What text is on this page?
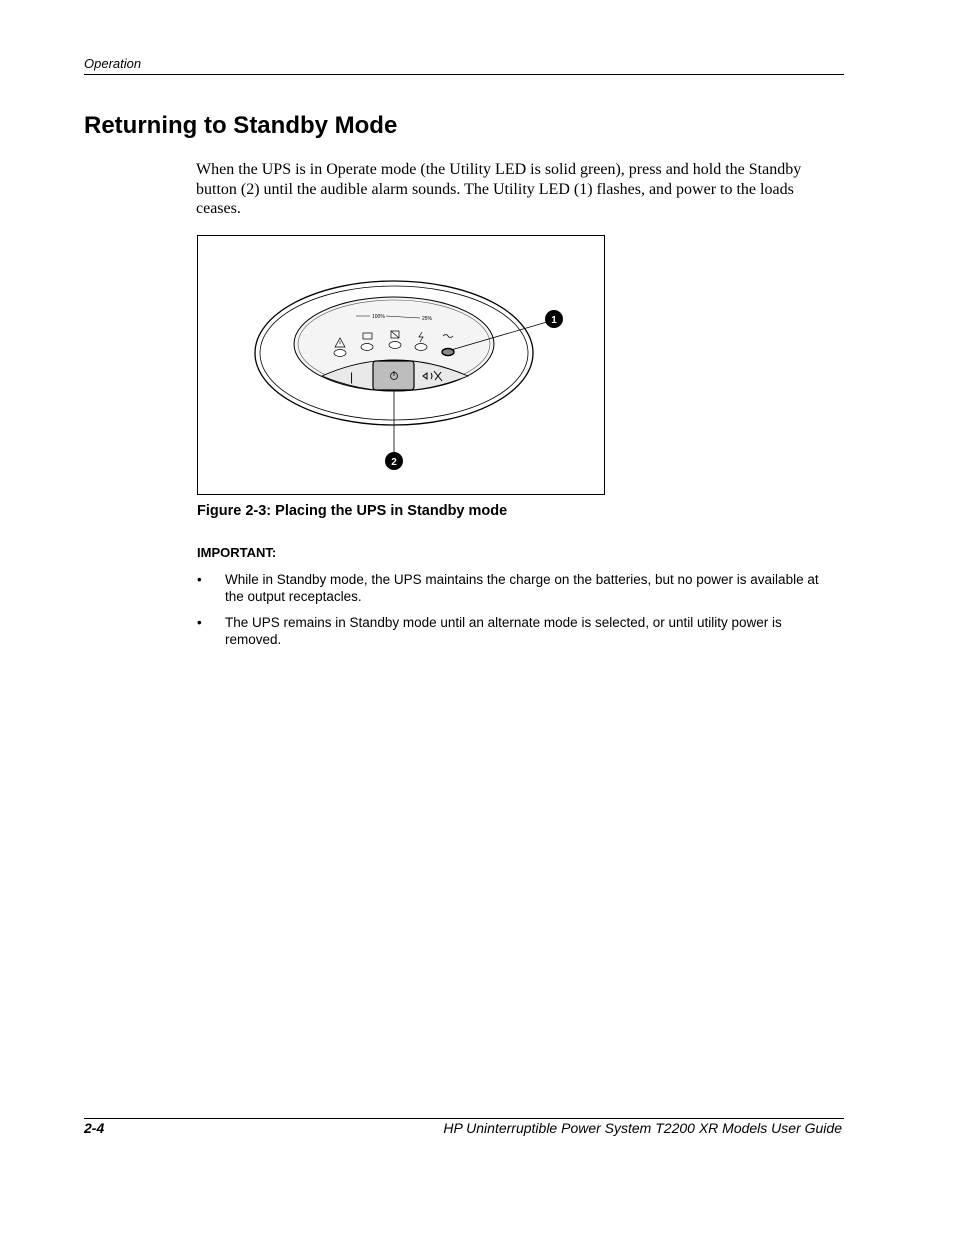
Operation
Returning to Standby Mode

When the UPS is in Operate mode (the Utility LED is solid green), press and hold the Standby button (2) until the audible alarm sounds. The Utility LED (1) flashes, and power to the loads ceases.

100%	25%
|
1
2

Figure 2-3: Placing the UPS in Standby mode

IMPORTANT:

• While in Standby mode, the UPS maintains the charge on the batteries, but no power is available at the output receptacles.
• The UPS remains in Standby mode until an alternate mode is selected, or until utility power is removed.
2-4	HP Uninterruptible Power System T2200 XR Models User Guide
